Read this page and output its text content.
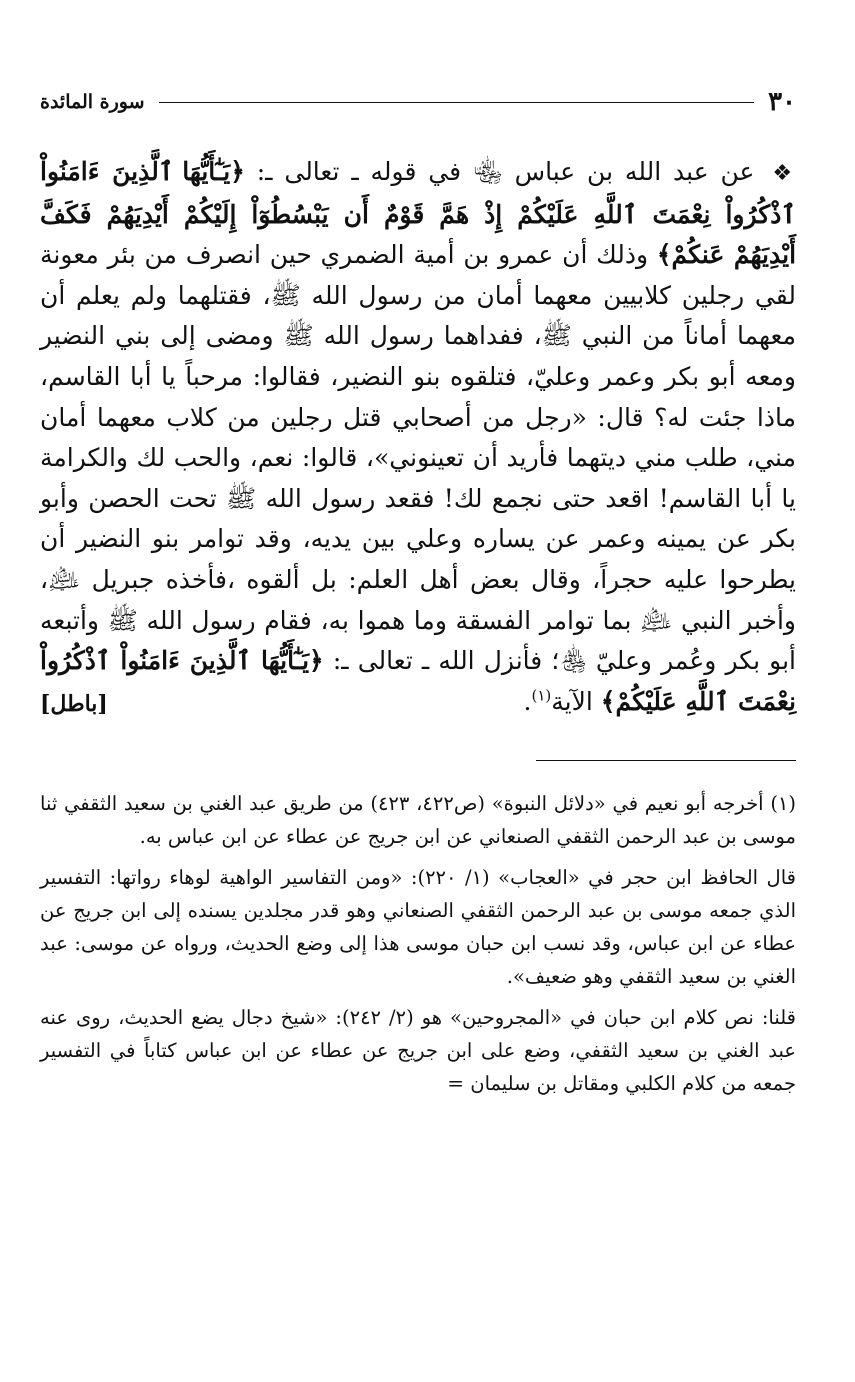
٣٠
سورة المائدة
❖ عن عبد الله بن عباس ﵄ في قوله ـ تعالى ـ: ﴿يَـٰٓأَيُّهَا ٱلَّذِينَ ءَامَنُواْ ٱذْكُرُواْ نِعْمَتَ ٱللَّهِ عَلَيْكُمْ إِذْ هَمَّ قَوْمٌ أَن يَبْسُطُوٓاْ إِلَيْكُمْ أَيْدِيَهُمْ فَكَفَّ أَيْدِيَهُمْ عَنكُمْ﴾ وذلك أن عمرو بن أمية الضمري حين انصرف من بئر معونة لقي رجلين كلابيين معهما أمان من رسول الله ﷺ، فقتلهما ولم يعلم أن معهما أماناً من النبي ﷺ، ففداهما رسول الله ﷺ ومضى إلى بني النضير ومعه أبو بكر وعمر وعليّ، فتلقوه بنو النضير، فقالوا: مرحباً يا أبا القاسم، ماذا جئت له؟ قال: «رجل من أصحابي قتل رجلين من كلاب معهما أمان مني، طلب مني ديتهما فأريد أن تعينوني»، قالوا: نعم، والحب لك والكرامة يا أبا القاسم! اقعد حتى نجمع لك! فقعد رسول الله ﷺ تحت الحصن وأبو بكر عن يمينه وعمر عن يساره وعلي بين يديه، وقد توامر بنو النضير أن يطرحوا عليه حجراً، وقال بعض أهل العلم: بل ألقوه ،فأخذه جبريل ﵇، وأخبر النبي ﵇ بما توامر الفسقة وما هموا به، فقام رسول الله ﷺ وأتبعه أبو بكر وعُمر وعليّ ﵃؛ فأنزل الله ـ تعالى ـ: ﴿يَـٰٓأَيُّهَا ٱلَّذِينَ ءَامَنُواْ ٱذْكُرُواْ نِعْمَتَ ٱللَّهِ عَلَيْكُمْ﴾ الآية$^{(١)}$.
[باطل]
(١) أخرجه أبو نعيم في «دلائل النبوة» (ص٤٢٢، ٤٢٣) من طريق عبد الغني بن سعيد الثقفي ثنا موسى بن عبد الرحمن الثقفي الصنعاني عن ابن جريج عن عطاء عن ابن عباس به.
قال الحافظ ابن حجر في «العجاب» (١/ ٢٢٠): «ومن التفاسير الواهية لوهاء رواتها: التفسير الذي جمعه موسى بن عبد الرحمن الثقفي الصنعاني وهو قدر مجلدين يسنده إلى ابن جريج عن عطاء عن ابن عباس، وقد نسب ابن حبان موسى هذا إلى وضع الحديث، ورواه عن موسى: عبد الغني بن سعيد الثقفي وهو ضعيف».
قلنا: نص كلام ابن حبان في «المجروحين» هو (٢/ ٢٤٢): «شيخ دجال يضع الحديث، روى عنه عبد الغني بن سعيد الثقفي، وضع على ابن جريج عن عطاء عن ابن عباس كتاباً في التفسير جمعه من كلام الكلبي ومقاتل بن سليمان =
